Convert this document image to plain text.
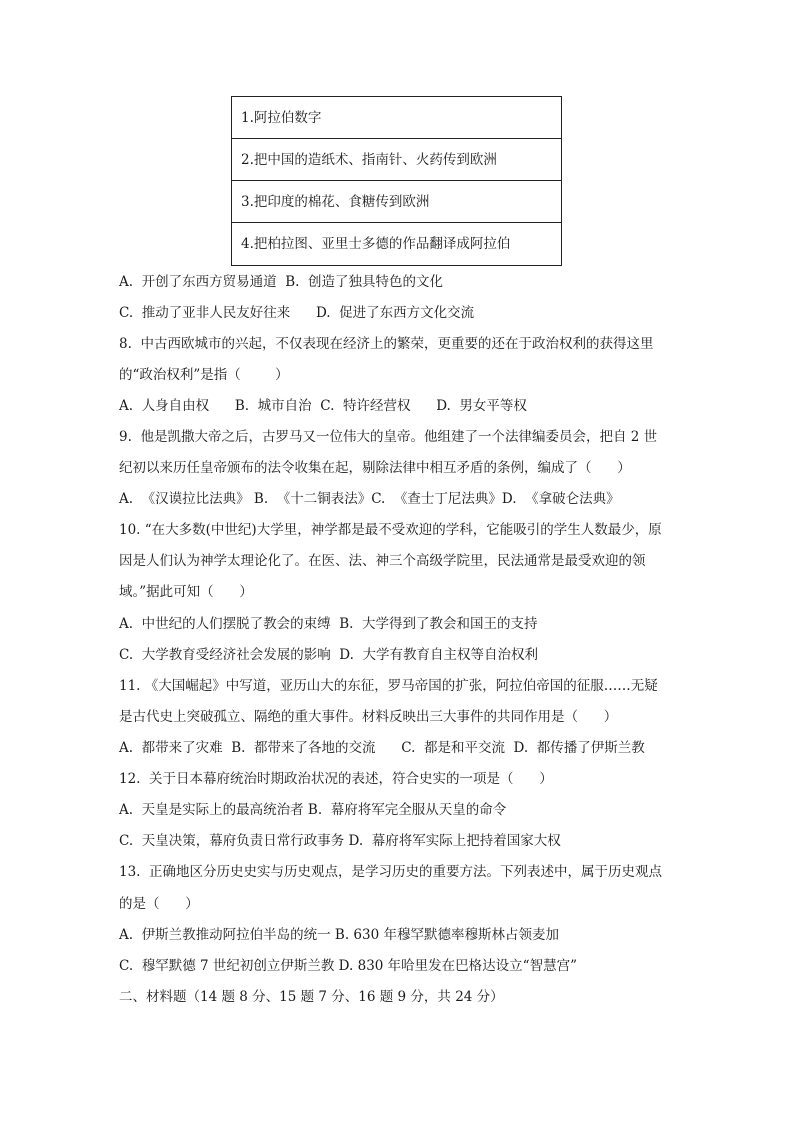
1.阿拉伯数字
2.把中国的造纸术、指南针、火药传到欧洲
3.把印度的棉花、食糖传到欧洲
4.把柏拉图、亚里士多德的作品翻译成阿拉伯
A.  开创了东西方贸易通道  B.  创造了独具特色的文化
C.  推动了亚非人民友好往来      D.  促进了东西方文化交流
8.  中古西欧城市的兴起，不仅表现在经济上的繁荣，更重要的还在于政治权利的获得这里
的“政治权利”是指（        ）
A.  人身自由权      B.  城市自治  C.  特许经营权      D.  男女平等权
9.  他是凯撒大帝之后，古罗马又一位伟大的皇帝。他组建了一个法律编委员会，把自 2 世
纪初以来历任皇帝颁布的法令收集在起，剔除法律中相互矛盾的条例，编成了（      ）
A.  《汉谟拉比法典》 B.  《十二铜表法》C.  《查士丁尼法典》D.  《拿破仑法典》
10. “在大多数(中世纪)大学里，神学都是最不受欢迎的学科，它能吸引的学生人数最少，原
因是人们认为神学太理论化了。在医、法、神三个高级学院里，民法通常是最受欢迎的领
域。”据此可知（      ）
A.  中世纪的人们摆脱了教会的束缚  B.  大学得到了教会和国王的支持
C.  大学教育受经济社会发展的影响  D.  大学有教育自主权等自治权利
11. 《大国崛起》中写道，亚历山大的东征，罗马帝国的扩张，阿拉伯帝国的征服……无疑
是古代史上突破孤立、隔绝的重大事件。材料反映出三大事件的共同作用是（      ）
A.  都带来了灾难  B.  都带来了各地的交流      C.  都是和平交流  D.  都传播了伊斯兰教
12.  关于日本幕府统治时期政治状况的表述，符合史实的一项是（      ）
A.  天皇是实际上的最高统治者 B.  幕府将军完全服从天皇的命令
C.  天皇决策，幕府负责日常行政事务 D.  幕府将军实际上把持着国家大权
13.  正确地区分历史史实与历史观点，是学习历史的重要方法。下列表述中，属于历史观点
的是（      ）
A.  伊斯兰教推动阿拉伯半岛的统一 B. 630 年穆罕默德率穆斯林占领麦加
C.  穆罕默德 7 世纪初创立伊斯兰教 D. 830 年哈里发在巴格达设立“智慧宫”
二、材料题（14 题 8 分、15 题 7 分、16 题 9 分，共 24 分）
